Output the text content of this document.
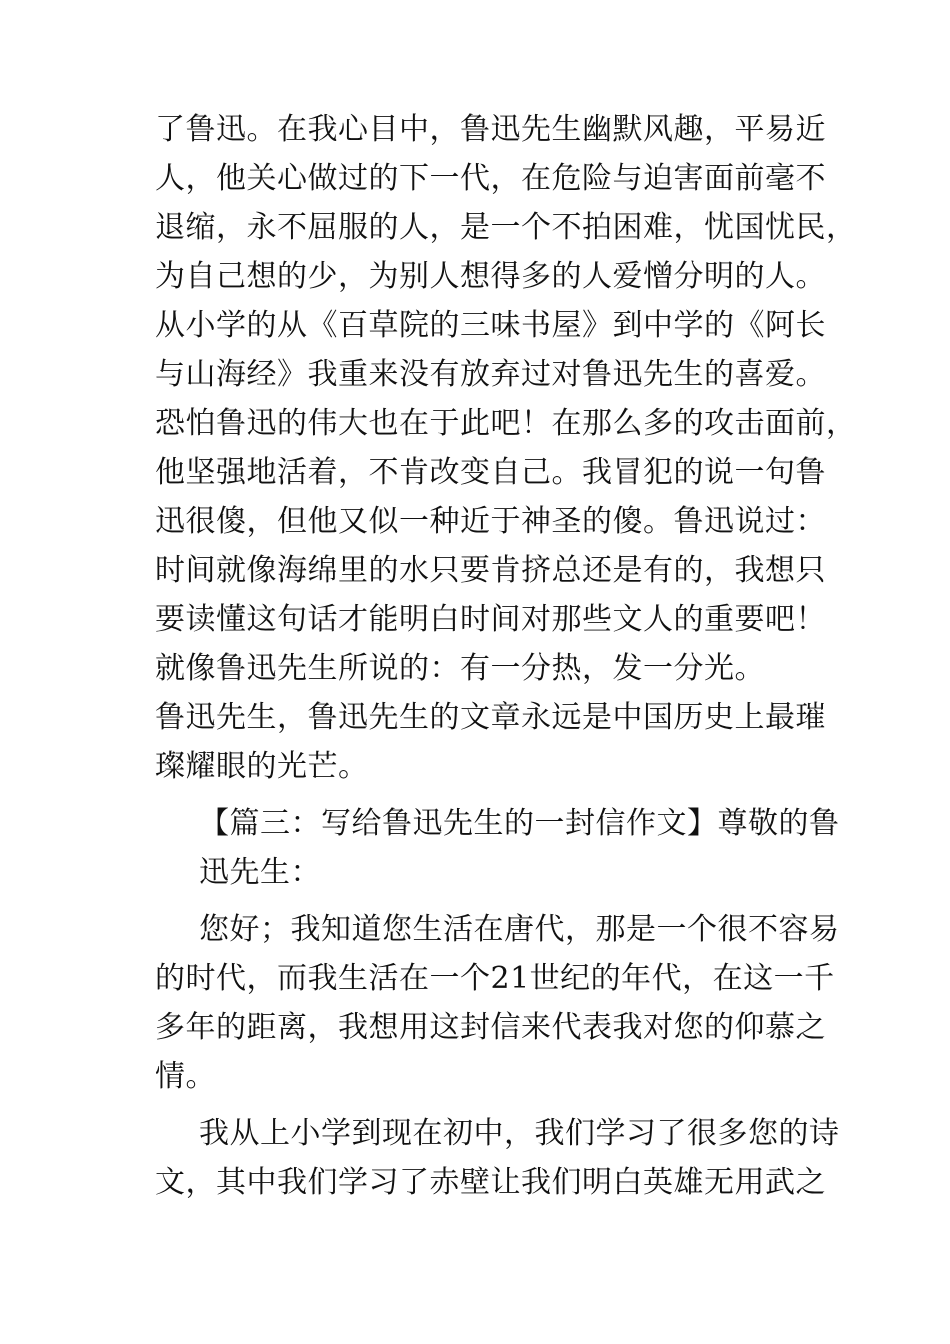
了鲁迅。在我心目中，鲁迅先生幽默风趣，平易近
人，他关心做过的下一代，在危险与迫害面前毫不
退缩，永不屈服的人，是一个不拍困难，忧国忧民，
为自己想的少，为别人想得多的人爱憎分明的人。
从小学的从《百草院的三味书屋》到中学的《阿长
与山海经》我重来没有放弃过对鲁迅先生的喜爱。
恐怕鲁迅的伟大也在于此吧！在那么多的攻击面前，
他坚强地活着，不肯改变自己。我冒犯的说一句鲁
迅很傻，但他又似一种近于神圣的傻。鲁迅说过：
时间就像海绵里的水只要肯挤总还是有的，我想只
要读懂这句话才能明白时间对那些文人的重要吧！
就像鲁迅先生所说的：有一分热，发一分光。
鲁迅先生，鲁迅先生的文章永远是中国历史上最璀
璨耀眼的光芒。
【篇三：写给鲁迅先生的一封信作文】尊敬的鲁
迅先生：
您好；我知道您生活在唐代，那是一个很不容易
的时代，而我生活在一个21世纪的年代，在这一千
多年的距离，我想用这封信来代表我对您的仰慕之
情。
我从上小学到现在初中，我们学习了很多您的诗
文，其中我们学习了赤壁让我们明白英雄无用武之
